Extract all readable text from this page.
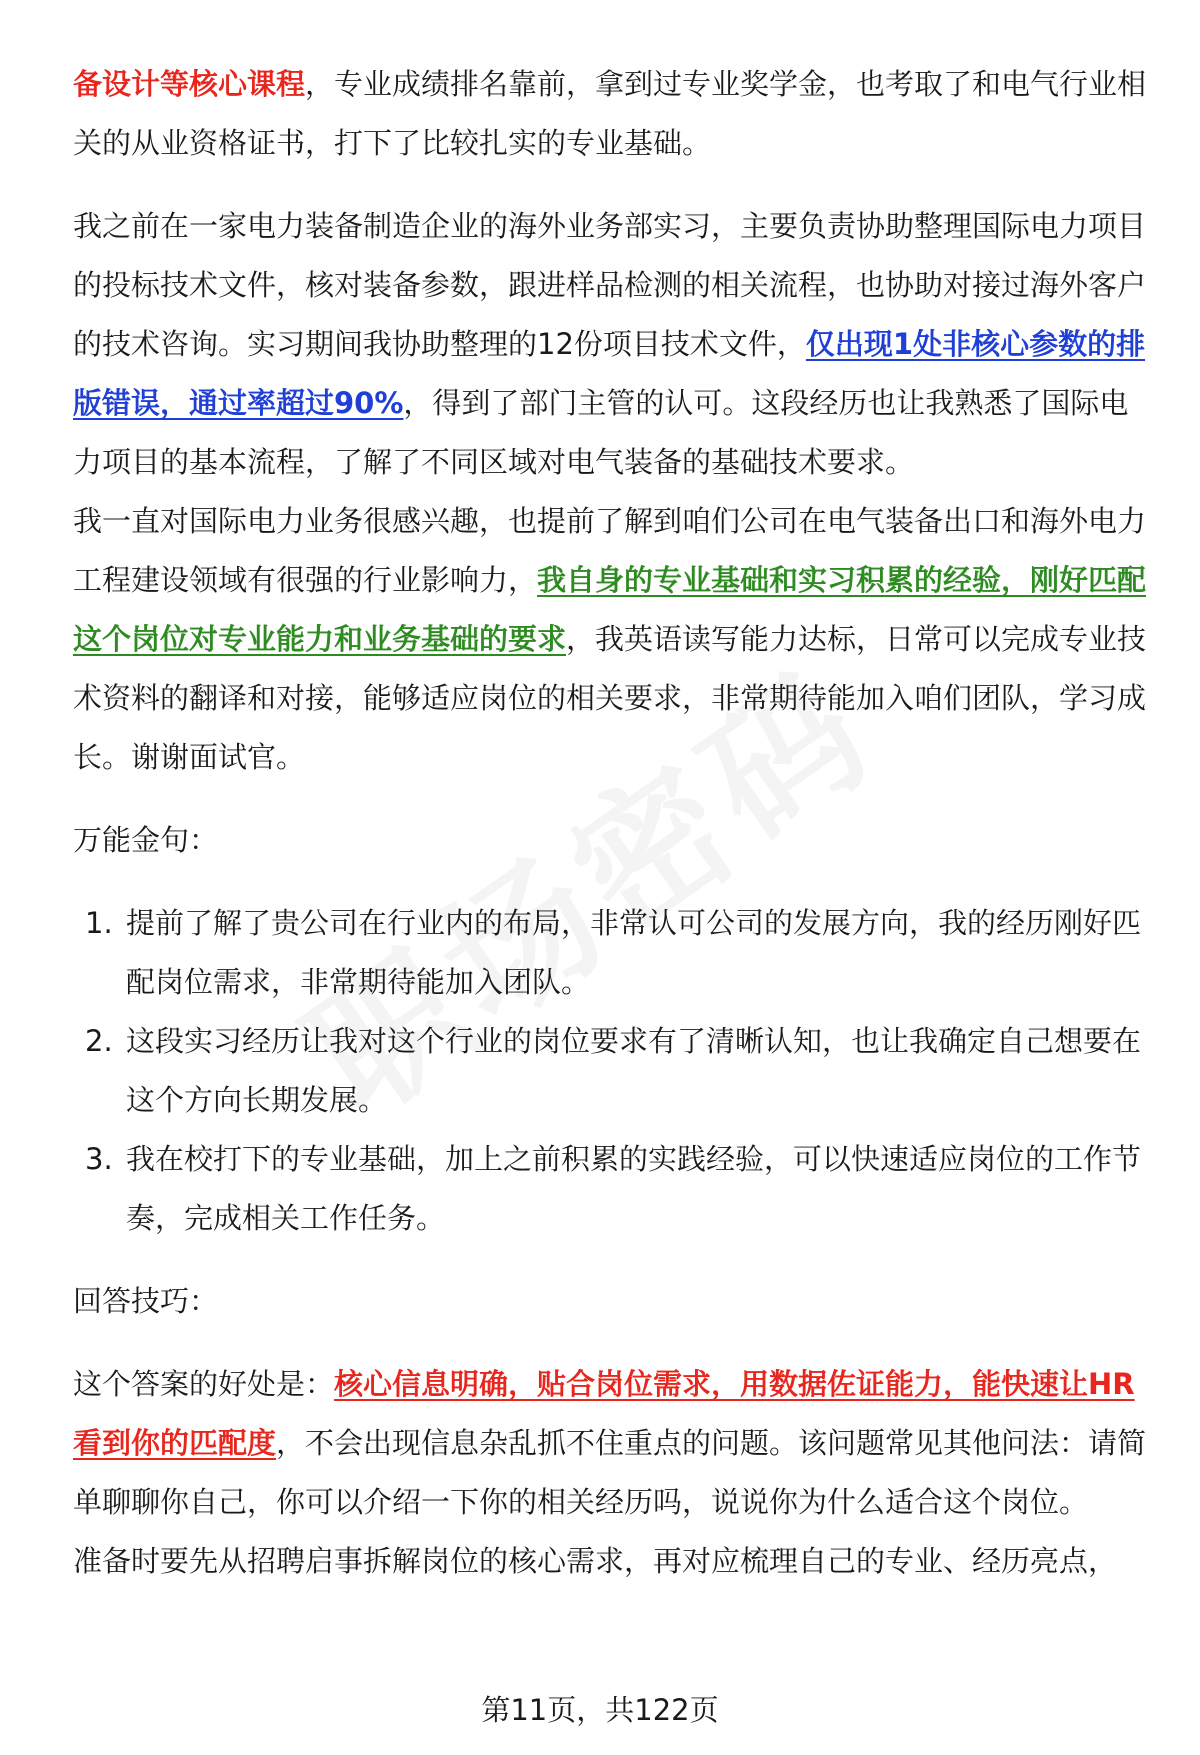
备设计等核心课程，专业成绩排名靠前，拿到过专业奖学金，也考取了和电气行业相关的从业资格证书，打下了比较扎实的专业基础。

我之前在一家电力装备制造企业的海外业务部实习，主要负责协助整理国际电力项目的投标技术文件，核对装备参数，跟进样品检测的相关流程，也协助对接过海外客户的技术咨询。实习期间我协助整理的12份项目技术文件，仅出现1处非核心参数的排版错误，通过率超过90%，得到了部门主管的认可。这段经历也让我熟悉了国际电力项目的基本流程，了解了不同区域对电气装备的基础技术要求。

我一直对国际电力业务很感兴趣，也提前了解到咱们公司在电气装备出口和海外电力工程建设领域有很强的行业影响力，我自身的专业基础和实习积累的经验，刚好匹配这个岗位对专业能力和业务基础的要求，我英语读写能力达标，日常可以完成专业技术资料的翻译和对接，能够适应岗位的相关要求，非常期待能加入咱们团队，学习成长。谢谢面试官。

万能金句：

1. 提前了解了贵公司在行业内的布局，非常认可公司的发展方向，我的经历刚好匹配岗位需求，非常期待能加入团队。
2. 这段实习经历让我对这个行业的岗位要求有了清晰认知，也让我确定自己想要在这个方向长期发展。
3. 我在校打下的专业基础，加上之前积累的实践经验，可以快速适应岗位的工作节奏，完成相关工作任务。

回答技巧：

这个答案的好处是：核心信息明确，贴合岗位需求，用数据佐证能力，能快速让HR看到你的匹配度，不会出现信息杂乱抓不住重点的问题。该问题常见其他问法：请简单聊聊你自己，你可以介绍一下你的相关经历吗，说说你为什么适合这个岗位。

准备时要先从招聘启事拆解岗位的核心需求，再对应梳理自己的专业、经历亮点，

第11页，共122页
